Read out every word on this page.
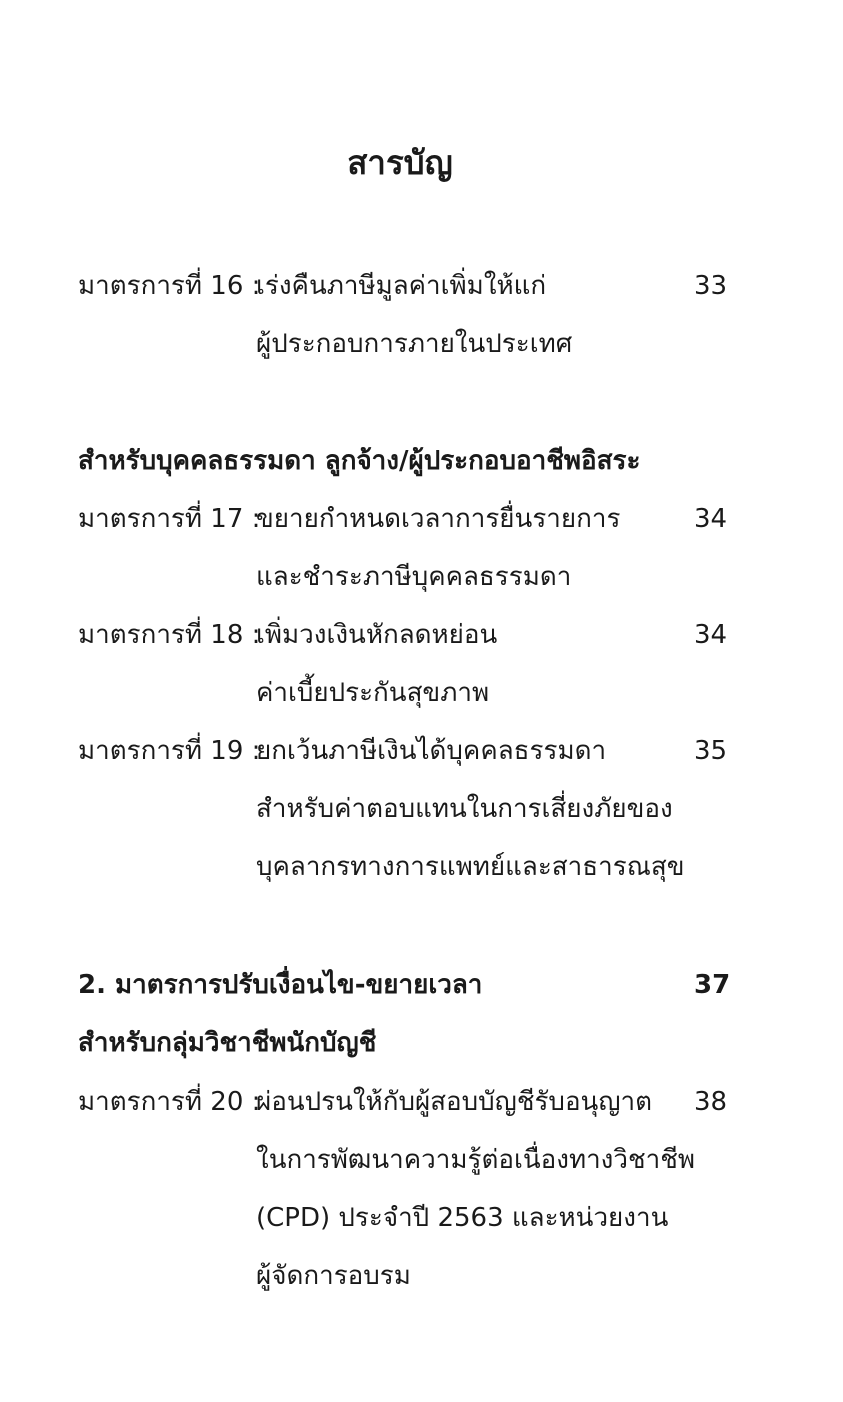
สารบัญ
มาตรการที่ 16 :
เร่งคืนภาษีมูลค่าเพิ่มให้แก่
ผู้ประกอบการภายในประเทศ
33
สำหรับบุคคลธรรมดา ลูกจ้าง/ผู้ประกอบอาชีพอิสระ
มาตรการที่ 17 :
ขยายกำหนดเวลาการยื่นรายการ
และชำระภาษีบุคคลธรรมดา
34
มาตรการที่ 18 :
เพิ่มวงเงินหักลดหย่อน
ค่าเบี้ยประกันสุขภาพ
34
มาตรการที่ 19 :
ยกเว้นภาษีเงินได้บุคคลธรรมดา
สำหรับค่าตอบแทนในการเสี่ยงภัยของ
บุคลากรทางการแพทย์และสาธารณสุข
35
2. มาตรการปรับเงื่อนไข-ขยายเวลา	37
สำหรับกลุ่มวิชาชีพนักบัญชี
มาตรการที่ 20 :
ผ่อนปรนให้กับผู้สอบบัญชีรับอนุญาต
ในการพัฒนาความรู้ต่อเนื่องทางวิชาชีพ
(CPD) ประจำปี 2563 และหน่วยงาน
ผู้จัดการอบรม
38
